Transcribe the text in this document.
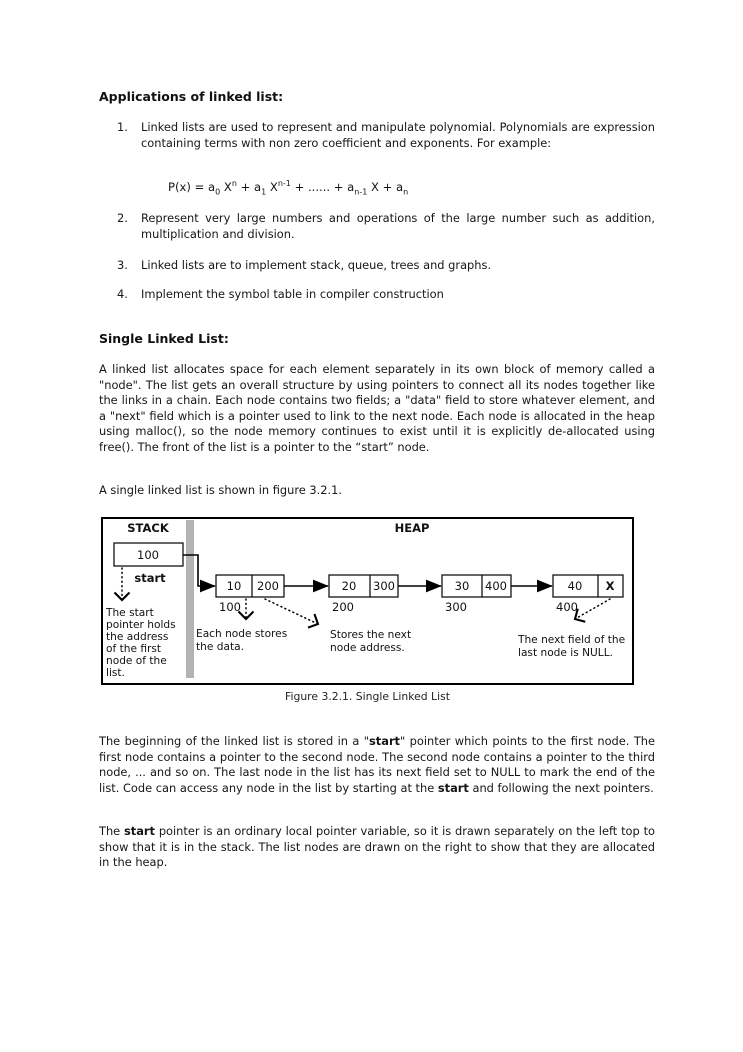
Applications of linked list:
1.	Linked lists are used to represent and manipulate polynomial. Polynomials are expression containing terms with non zero coefficient and exponents. For example:
$P(x) = a_0$ $X^n + a_1$ $X^{n-1}$ + ...... + $a_{n-1}$ $X + a_n$
2.	Represent very large numbers and operations of the large number such as addition, multiplication and division.
3.	Linked lists are to implement stack, queue, trees and graphs.
4.	Implement the symbol table in compiler construction
Single Linked List:
A linked list allocates space for each element separately in its own block of memory called a "node". The list gets an overall structure by using pointers to connect all its nodes together like the links in a chain. Each node contains two fields; a "data" field to store whatever element, and a "next" field which is a pointer used to link to the next node. Each node is allocated in the heap using malloc(), so the node memory continues to exist until it is explicitly de-allocated using free(). The front of the list is a pointer to the “start” node.
A single linked list is shown in figure 3.2.1.
STACK	HEAP
100
start
The start
pointer holds
the address
of the first
node of the
list.
10 200
100
20 300
200
30 400
300
40 X
400
Each node stores
the data.
Stores the next
node address.
The next field of the
last node is NULL.
Figure 3.2.1. Single Linked List
The beginning of the linked list is stored in a "start" pointer which points to the first node. The first node contains a pointer to the second node. The second node contains a pointer to the third node, ... and so on. The last node in the list has its next field set to NULL to mark the end of the list. Code can access any node in the list by starting at the start and following the next pointers.
The start pointer is an ordinary local pointer variable, so it is drawn separately on the left top to show that it is in the stack. The list nodes are drawn on the right to show that they are allocated in the heap.
